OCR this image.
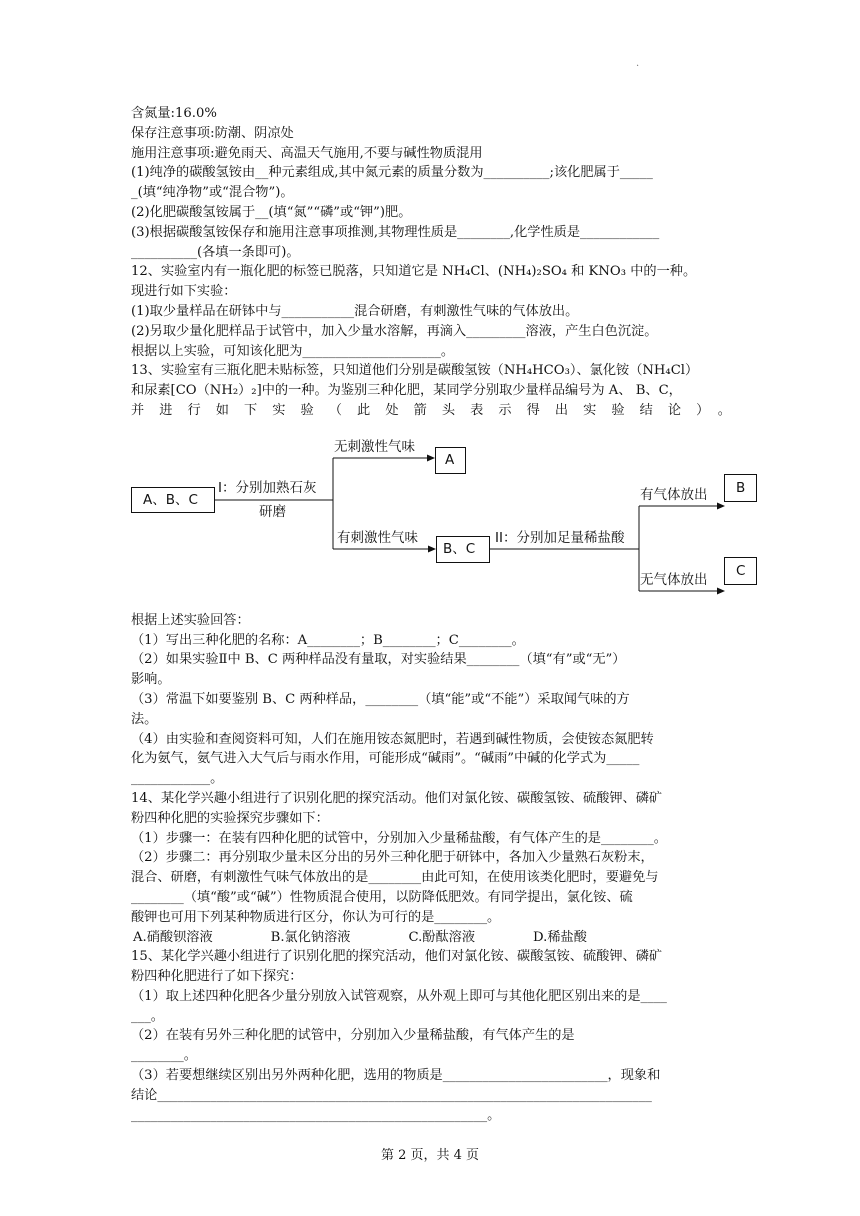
.

含氮量:16.0%

保存注意事项:防潮、阴凉处

施用注意事项:避免雨天、高温天气施用,不要与碱性物质混用

(1)纯净的碳酸氢铵由__种元素组成,其中氮元素的质量分数为__________;该化肥属于_____

_(填“纯净物”或“混合物”)。

(2)化肥碳酸氢铵属于__(填“氮”“磷”或“钾”)肥。

(3)根据碳酸氢铵保存和施用注意事项推测,其物理性质是________,化学性质是____________

__________(各填一条即可)。

12、实验室内有一瓶化肥的标签已脱落，只知道它是 NH₄Cl、(NH₄)₂SO₄ 和 KNO₃ 中的一种。

现进行如下实验：

(1)取少量样品在研钵中与___________混合研磨，有刺激性气味的气体放出。

(2)另取少量化肥样品于试管中，加入少量水溶解，再滴入_________溶液，产生白色沉淀。

根据以上实验，可知该化肥为_____________________。

13、实验室有三瓶化肥未贴标签，只知道他们分别是碳酸氢铵（NH₄HCO₃）、氯化铵（NH₄Cl）

和尿素[CO（NH₂）₂]中的一种。为鉴别三种化肥，某同学分别取少量样品编号为 A、 B、C，

并进行如下实验（此处箭头表示得出实验结论）。

A、B、C
I：分别加熟石灰
研磨
无刺激性气味
A
有刺激性气味
B、C
II：分别加足量稀盐酸
有气体放出
无气体放出

根据上述实验回答：

（1）写出三种化肥的名称：A________；B________；C________。

（2）如果实验Ⅱ中 B、C 两种样品没有量取，对实验结果________（填“有”或“无”）

影响。

（3）常温下如要鉴别 B、C 两种样品，________（填“能”或“不能”）采取闻气味的方

法。

（4）由实验和查阅资料可知，人们在施用铵态氮肥时，若遇到碱性物质，会使铵态氮肥转

化为氨气，氨气进入大气后与雨水作用，可能形成“碱雨”。“碱雨”中碱的化学式为_____

____________。

14、某化学兴趣小组进行了识别化肥的探究活动。他们对氯化铵、碳酸氢铵、硫酸钾、磷矿

粉四种化肥的实验探究步骤如下：

（1）步骤一：在装有四种化肥的试管中，分别加入少量稀盐酸，有气体产生的是________。

（2）步骤二：再分别取少量未区分出的另外三种化肥于研钵中，各加入少量熟石灰粉末，

混合、研磨，有刺激性气味气体放出的是________由此可知，在使用该类化肥时，要避免与

________（填“酸”或“碱”）性物质混合使用，以防降低肥效。有同学提出，氯化铵、硫

酸钾也可用下列某种物质进行区分，你认为可行的是________。

A.硝酸钡溶液	B.氯化钠溶液	C.酚酞溶液	D.稀盐酸

15、某化学兴趣小组进行了识别化肥的探究活动，他们对氯化铵、碳酸氢铵、硫酸钾、磷矿

粉四种化肥进行了如下探究：

（1）取上述四种化肥各少量分别放入试管观察，从外观上即可与其他化肥区别出来的是____

___。

（2）在装有另外三种化肥的试管中，分别加入少量稀盐酸，有气体产生的是

________。

（3）若要想继续区别出另外两种化肥，选用的物质是_________________________，现象和

结论___________________________________________________________________________

______________________________________________________。

B
C
第 2 页，共 4 页
